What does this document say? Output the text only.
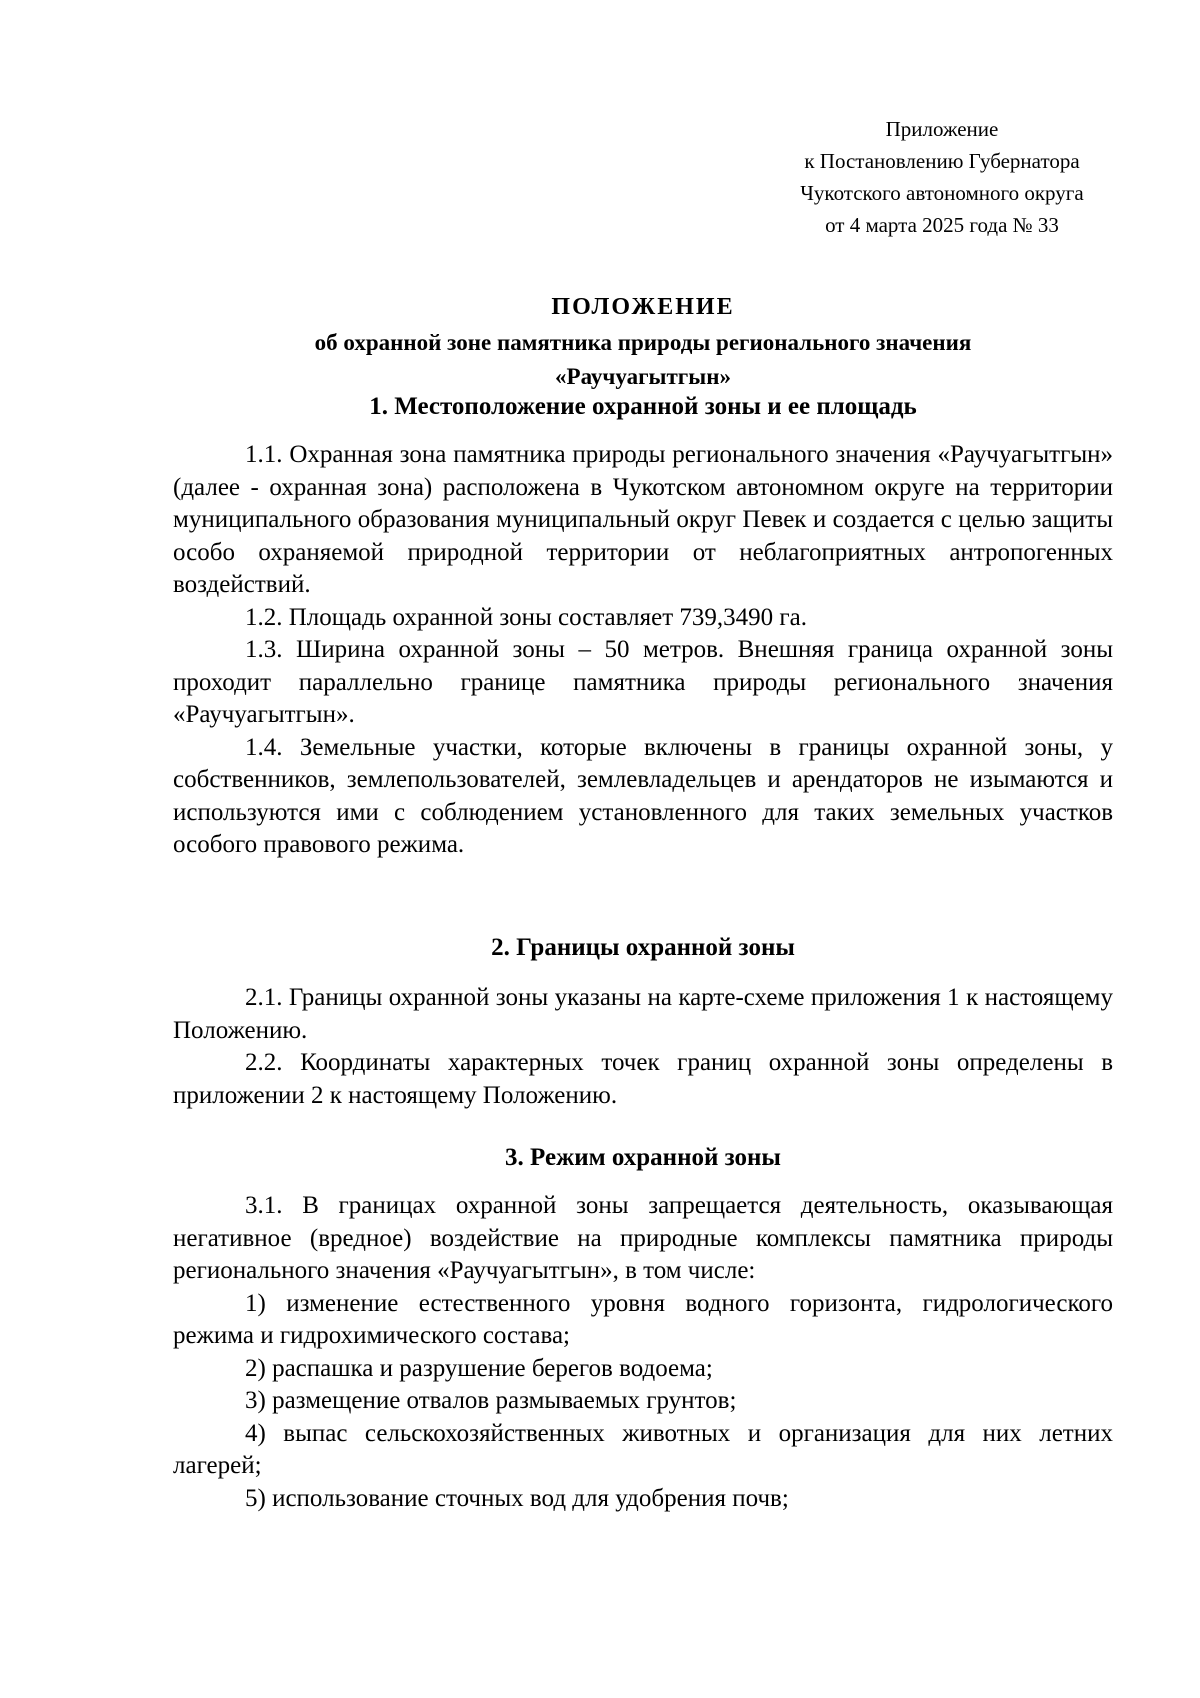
Приложение
к Постановлению Губернатора
Чукотского автономного округа
от 4 марта 2025 года № 33
ПОЛОЖЕНИЕ
об охранной зоне памятника природы регионального значения
«Раучуагытгын»
1. Местоположение охранной зоны и ее площадь

1.1. Охранная зона памятника природы регионального значения «Раучуагытгын» (далее - охранная зона) расположена в Чукотском автономном округе на территории муниципального образования муниципальный округ Певек и создается с целью защиты особо охраняемой природной территории от неблагоприятных антропогенных воздействий.

1.2. Площадь охранной зоны составляет 739,3490 га.

1.3. Ширина охранной зоны – 50 метров. Внешняя граница охранной зоны проходит параллельно границе памятника природы регионального значения «Раучуагытгын».

1.4. Земельные участки, которые включены в границы охранной зоны, у собственников, землепользователей, землевладельцев и арендаторов не изымаются и используются ими с соблюдением установленного для таких земельных участков особого правового режима.

2. Границы охранной зоны

2.1. Границы охранной зоны указаны на карте-схеме приложения 1 к настоящему Положению.

2.2. Координаты характерных точек границ охранной зоны определены в приложении 2 к настоящему Положению.

3. Режим охранной зоны

3.1. В границах охранной зоны запрещается деятельность, оказывающая негативное (вредное) воздействие на природные комплексы памятника природы регионального значения «Раучуагытгын», в том числе:

1) изменение естественного уровня водного горизонта, гидрологического режима и гидрохимического состава;

2) распашка и разрушение берегов водоема;

3) размещение отвалов размываемых грунтов;

4) выпас сельскохозяйственных животных и организация для них летних лагерей;

5) использование сточных вод для удобрения почв;
